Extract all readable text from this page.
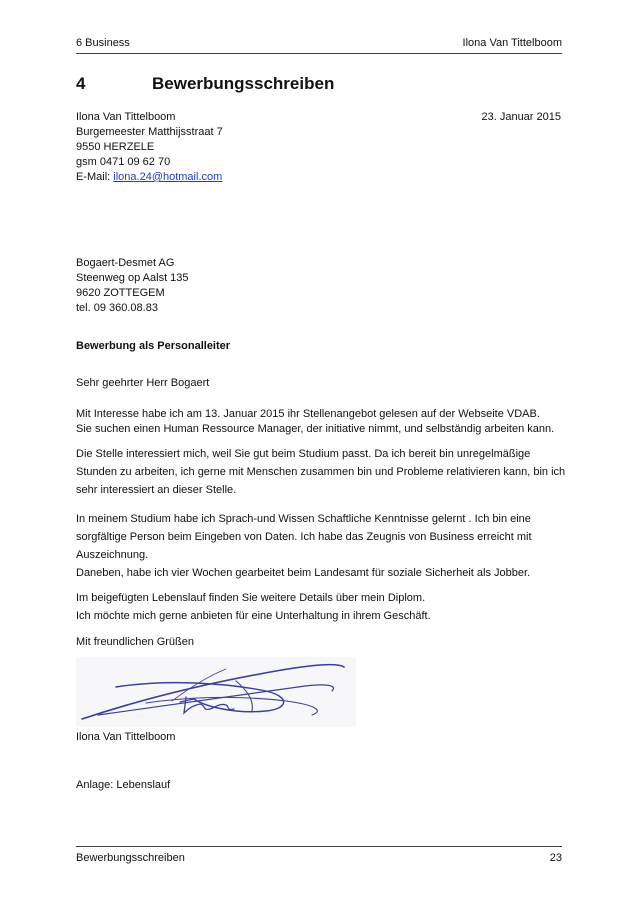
6 Business	Ilona Van Tittelboom
4	Bewerbungsschreiben
Ilona Van Tittelboom
Burgemeester Matthijsstraat 7
9550 HERZELE
gsm 0471 09 62 70
E-Mail: ilona.24@hotmail.com
23. Januar 2015
Bogaert-Desmet AG
Steenweg op Aalst 135
9620 ZOTTEGEM
tel. 09 360.08.83
Bewerbung als Personalleiter
Sehr geehrter Herr Bogaert
Mit Interesse habe ich am 13. Januar 2015 ihr Stellenangebot gelesen auf der Webseite VDAB.
Sie suchen einen Human Ressource Manager, der initiative nimmt, und selbständig arbeiten kann.
Die Stelle interessiert mich, weil Sie gut beim Studium passt. Da ich bereit bin unregelmäßige
Stunden zu arbeiten, ich gerne mit Menschen zusammen bin und Probleme relativieren kann, bin ich
sehr interessiert an dieser Stelle.
In meinem Studium habe ich Sprach-und Wissen Schaftliche Kenntnisse gelernt . Ich bin eine
sorgfältige Person beim Eingeben von Daten. Ich habe das Zeugnis von Business erreicht mit
Auszeichnung.
Daneben, habe ich vier Wochen gearbeitet beim Landesamt für soziale Sicherheit als Jobber.
Im beigefügten Lebenslauf finden Sie weitere Details über mein Diplom.
Ich möchte mich gerne anbieten für eine Unterhaltung in ihrem Geschäft.
Mit freundlichen Grüßen
Ilona Van Tittelboom
Anlage: Lebenslauf
Bewerbungsschreiben	23
